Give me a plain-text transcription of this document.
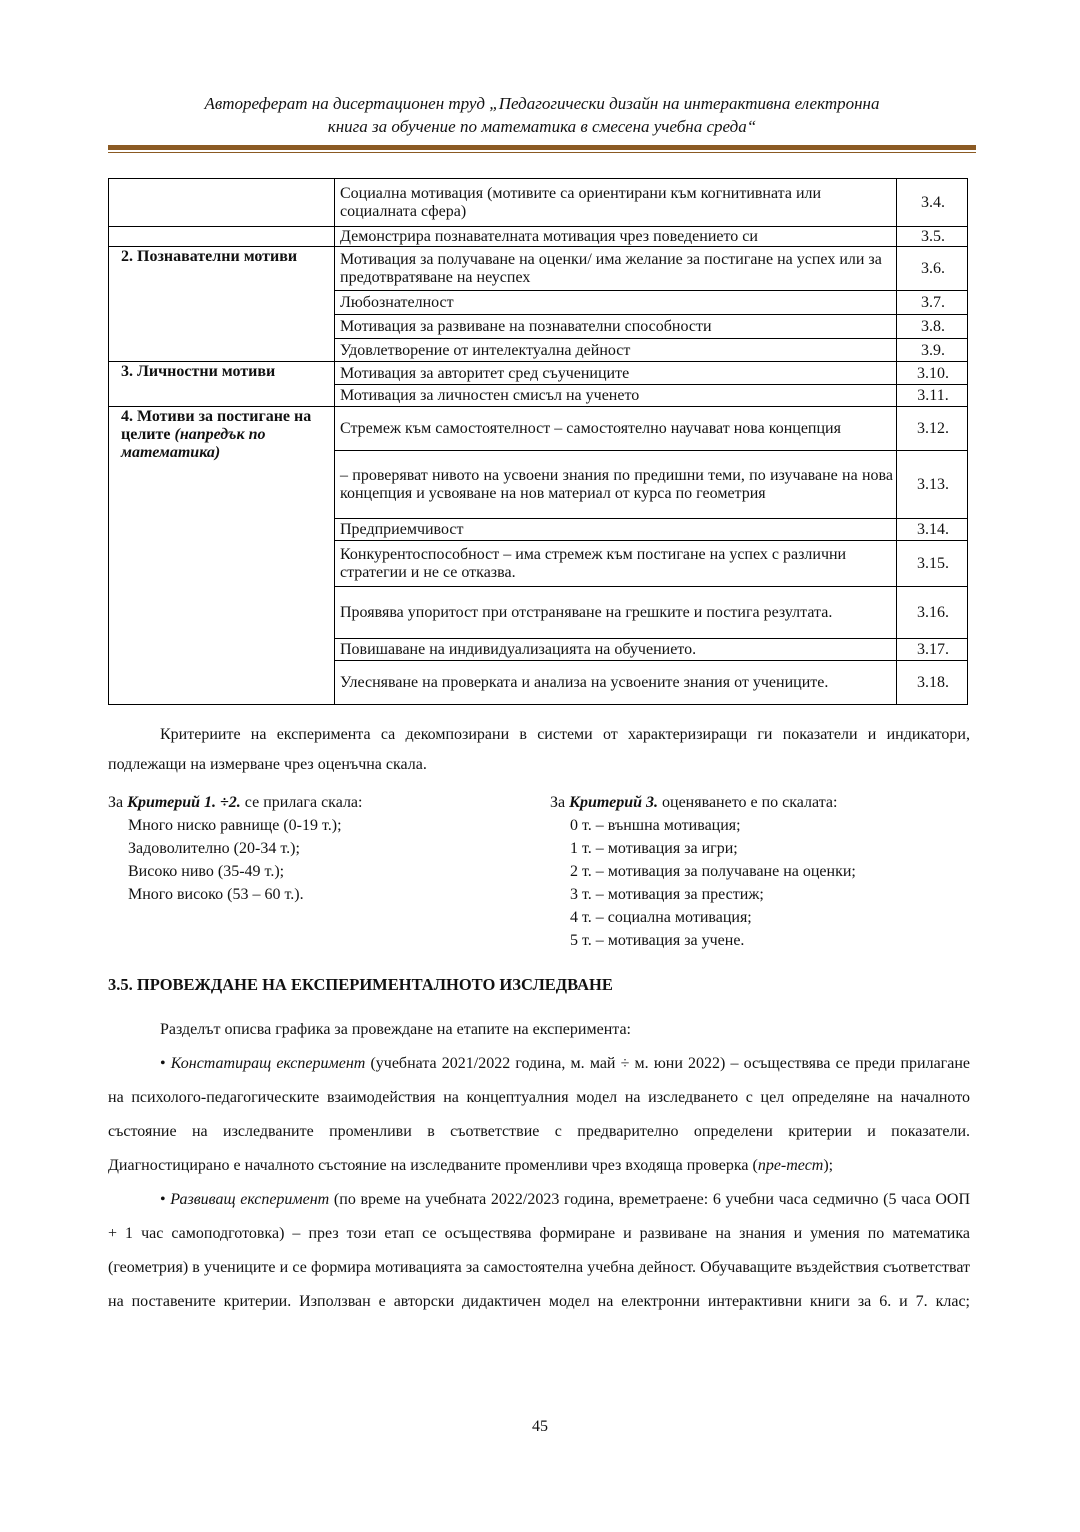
Автореферат на дисертационен труд „Педагогически дизайн на интерактивна електронна
книга за обучение по математика в смесена учебна среда“
	Социална мотивация (мотивите са ориентирани към когнитивната или социалната сфера)	3.4.
	Демонстрира познавателната мотивация чрез поведението си	3.5.
2. Познавателни мотиви	Мотивация за получаване на оценки/ има желание за постигане на успех или за предотвратяване на неуспех	3.6.
	Любознателност	3.7.
	Мотивация за развиване на познавателни способности	3.8.
	Удовлетворение от интелектуална дейност	3.9.
3. Личностни мотиви	Мотивация за авторитет сред съучениците	3.10.
	Мотивация за личностен смисъл на ученето	3.11.
4. Мотиви за постигане на целите (напредък по математика)	Стремеж към самостоятелност – самостоятелно научават нова концепция	3.12.
	– проверяват нивото на усвоени знания по предишни теми, по изучаване на нова концепция и усвояване на нов материал от курса по геометрия	3.13.
	Предприемчивост	3.14.
	Конкурентоспособност – има стремеж към постигане на успех с различни стратегии и не се отказва.	3.15.
	Проявява упоритост при отстраняване на грешките и постига резултата.	3.16.
	Повишаване на индивидуализацията на обучението.	3.17.
	Улесняване на проверката и анализа на усвоените знания от учениците.	3.18.
Критериите на експеримента са декомпозирани в системи от характеризиращи ги показатели и индикатори, подлежащи на измерване чрез оценъчна скала.
За Критерий 1. ÷2. се прилага скала:
Много ниско равнище (0-19 т.);
Задоволително (20-34 т.);
Високо ниво (35-49 т.);
Много високо (53 – 60 т.).
За Критерий 3. оценяването е по скалата:
0 т. – външна мотивация;
1 т. – мотивация за игри;
2 т. – мотивация за получаване на оценки;
3 т. – мотивация за престиж;
4 т. – социална мотивация;
5 т. – мотивация за учене.
3.5. ПРОВЕЖДАНЕ НА ЕКСПЕРИМЕНТАЛНОТО ИЗСЛЕДВАНЕ

Разделът описва графика за провеждане на етапите на експеримента:

• Констатиращ експеримент (учебната 2021/2022 година, м. май ÷ м. юни 2022) – осъществява се преди прилагане на психолого-педагогическите взаимодействия на концептуалния модел на изследването с цел определяне на началното състояние на изследваните променливи в съответствие с предварително определени критерии и показатели. Диагностицирано е началното състояние на изследваните променливи чрез входяща проверка (пре-тест);

• Развиващ експеримент (по време на учебната 2022/2023 година, времетраене: 6 учебни часа седмично (5 часа ООП + 1 час самоподготовка) – през този етап се осъществява формиране и развиване на знания и умения по математика (геометрия) в учениците и се формира мотивацията за самостоятелна учебна дейност. Обучаващите въздействия съответстват на поставените критерии. Използван е авторски дидактичен модел на електронни интерактивни книги за 6. и 7. клас;

45
